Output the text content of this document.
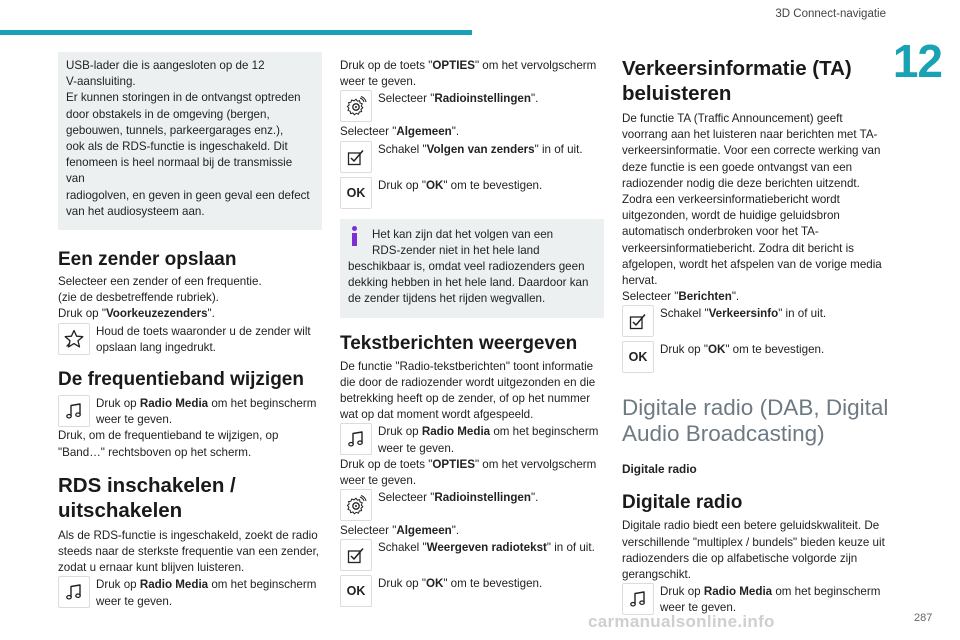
3D Connect-navigatie
12

USB-lader die is aangesloten op de 12

V-aansluiting.

Er kunnen storingen in de ontvangst optreden

door obstakels in de omgeving (bergen,

gebouwen, tunnels, parkeergarages enz.),

ook als de RDS-functie is ingeschakeld. Dit

fenomeen is heel normaal bij de transmissie van

radiogolven, en geven in geen geval een defect

van het audiosysteem aan.

Een zender opslaan

Selecteer een zender of een frequentie.

(zie de desbetreffende rubriek).

Druk op "Voorkeuzezenders".

Houd de toets waaronder u de zender wilt opslaan lang ingedrukt.
De frequentieband wijzigen
Druk op Radio Media om het beginscherm weer te geven.

Druk, om de frequentieband te wijzigen, op "Band…" rechtsboven op het scherm.

RDS inschakelen / uitschakelen

Als de RDS-functie is ingeschakeld, zoekt de radio steeds naar de sterkste frequentie van een zender, zodat u ernaar kunt blijven luisteren.

Druk op Radio Media om het beginscherm weer te geven.

Druk op de toets "OPTIES" om het vervolgscherm weer te geven.

Selecteer "Radioinstellingen".

Selecteer "Algemeen".

Schakel "Volgen van zenders" in of uit.
OK
Druk op "OK" om te bevestigen.
Het kan zijn dat het volgen van een
RDS-zender niet in het hele land
beschikbaar is, omdat veel radiozenders geen dekking hebben in het hele land. Daardoor kan de zender tijdens het rijden wegvallen.
Tekstberichten weergeven

De functie "Radio-tekstberichten" toont informatie die door de radiozender wordt uitgezonden en die betrekking heeft op de zender, of op het nummer wat op dat moment wordt afgespeeld.

Druk op Radio Media om het beginscherm weer te geven.

Druk op de toets "OPTIES" om het vervolgscherm weer te geven.

Selecteer "Radioinstellingen".

Selecteer "Algemeen".

Schakel "Weergeven radiotekst" in of uit.
OK
Druk op "OK" om te bevestigen.
Verkeersinformatie (TA) beluisteren

De functie TA (Traffic Announcement) geeft voorrang aan het luisteren naar berichten met TA-verkeersinformatie. Voor een correcte werking van deze functie is een goede ontvangst van een radiozender nodig die deze berichten uitzendt. Zodra een verkeersinformatiebericht wordt uitgezonden, wordt de huidige geluidsbron automatisch onderbroken voor het TA-verkeersinformatiebericht. Zodra dit bericht is afgelopen, wordt het afspelen van de vorige media hervat.

Selecteer "Berichten".

Schakel "Verkeersinfo" in of uit.
OK
Druk op "OK" om te bevestigen.
Digitale radio (DAB, Digital Audio Broadcasting)
Digitale radio
Digitale radio

Digitale radio biedt een betere geluidskwaliteit. De verschillende "multiplex / bundels" bieden keuze uit radiozenders die op alfabetische volgorde zijn gerangschikt.

Druk op Radio Media om het beginscherm weer te geven.
carmanualsonline.info	287
